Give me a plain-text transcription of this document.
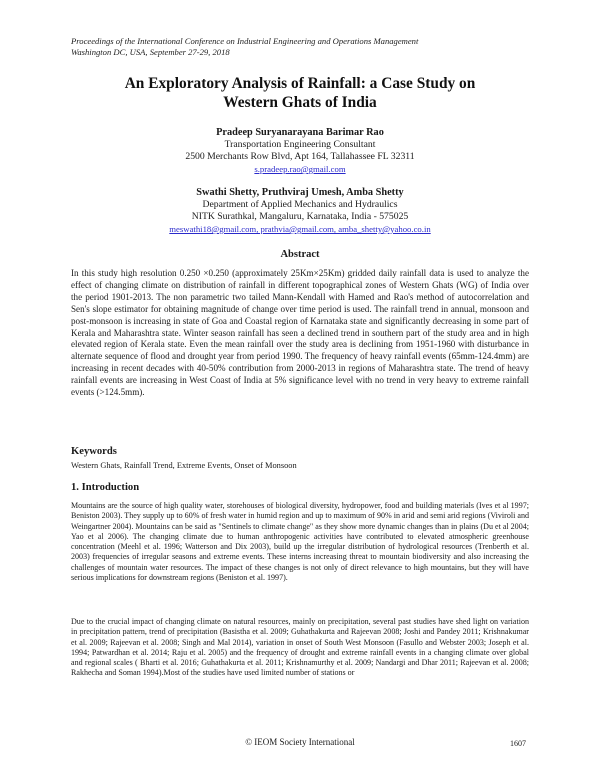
Proceedings of the International Conference on Industrial Engineering and Operations Management
Washington DC, USA, September 27-29, 2018
An Exploratory Analysis of Rainfall: a Case Study on
Western Ghats of India
Pradeep Suryanarayana Barimar Rao
Transportation Engineering Consultant
2500 Merchants Row Blvd, Apt 164, Tallahassee FL 32311
s.pradeep.rao@gmail.com
Swathi Shetty, Pruthviraj Umesh, Amba Shetty
Department of Applied Mechanics and Hydraulics
NITK Surathkal, Mangaluru, Karnataka, India - 575025
meswathi18@gmail.com, prathvia@gmail.com, amba_shetty@yahoo.co.in
Abstract
In this study high resolution 0.250 ×0.250 (approximately 25Km×25Km) gridded daily rainfall data is used to analyze the effect of changing climate on distribution of rainfall in different topographical zones of Western Ghats (WG) of India over the period 1901-2013. The non parametric two tailed Mann-Kendall with Hamed and Rao's method of autocorrelation and Sen's slope estimator for obtaining magnitude of change over time period is used. The rainfall trend in annual, monsoon and post-monsoon is increasing in state of Goa and Coastal region of Karnataka state and significantly decreasing in some part of Kerala and Maharashtra state. Winter season rainfall has seen a declined trend in southern part of the study area and in high elevated region of Kerala state. Even the mean rainfall over the study area is declining from 1951-1960 with disturbance in alternate sequence of flood and drought year from period 1990. The frequency of heavy rainfall events (65mm-124.4mm) are increasing in recent decades with 40-50% contribution from 2000-2013 in regions of Maharashtra state. The trend of heavy rainfall events are increasing in West Coast of India at 5% significance level with no trend in very heavy to extreme rainfall events (>124.5mm).
Keywords
Western Ghats, Rainfall Trend, Extreme Events, Onset of Monsoon
1. Introduction
Mountains are the source of high quality water, storehouses of biological diversity, hydropower, food and building materials (Ives et al 1997; Beniston 2003). They supply up to 60% of fresh water in humid region and up to maximum of 90% in arid and semi arid regions (Viviroli and Weingartner 2004). Mountains can be said as "Sentinels to climate change" as they show more dynamic changes than in plains (Du et al 2004; Yao et al 2006). The changing climate due to human anthropogenic activities have contributed to elevated atmospheric greenhouse concentration (Meehl et al. 1996; Watterson and Dix 2003), build up the irregular distribution of hydrological resources (Trenberth et al. 2003) frequencies of irregular seasons and extreme events. These interns increasing threat to mountain biodiversity and also increasing the challenges of mountain water resources. The impact of these changes is not only of direct relevance to high mountains, but they will have serious implications for downstream regions (Beniston et al. 1997).
Due to the crucial impact of changing climate on natural resources, mainly on precipitation, several past studies have shed light on variation in precipitation pattern, trend of precipitation (Basistha et al. 2009; Guhathakurta and Rajeevan 2008; Joshi and Pandey 2011; Krishnakumar et al. 2009; Rajeevan et al. 2008; Singh and Mal 2014), variation in onset of South West Monsoon (Fasullo and Webster 2003; Joseph et al. 1994; Patwardhan et al. 2014; Raju et al. 2005) and the frequency of drought and extreme rainfall events in a changing climate over global and regional scales ( Bharti et al. 2016; Guhathakurta et al. 2011; Krishnamurthy et al. 2009; Nandargi and Dhar 2011; Rajeevan et al. 2008; Rakhecha and Soman 1994).Most of the studies have used limited number of stations or
© IEOM Society International	1607
